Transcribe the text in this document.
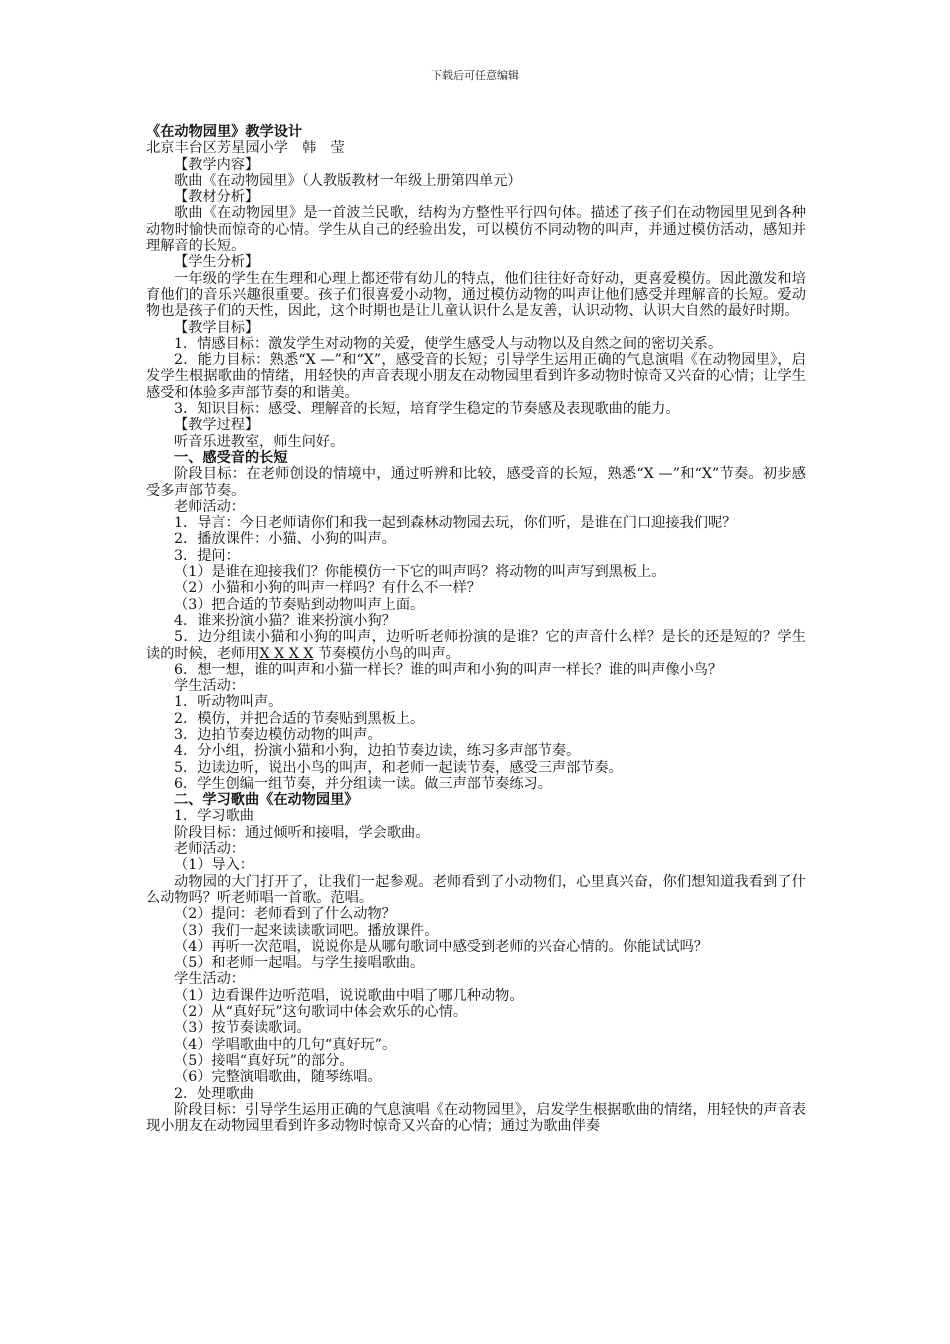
下载后可任意编辑

《在动物园里》教学设计

北京丰台区芳星园小学　韩　莹

【教学内容】

歌曲《在动物园里》（人教版教材一年级上册第四单元）

【教材分析】

歌曲《在动物园里》是一首波兰民歌，结构为方整性平行四句体。描述了孩子们在动物园里见到各种动物时愉快而惊奇的心情。学生从自己的经验出发，可以模仿不同动物的叫声，并通过模仿活动，感知并理解音的长短。

【学生分析】

一年级的学生在生理和心理上都还带有幼儿的特点，他们往往好奇好动，更喜爱模仿。因此激发和培育他们的音乐兴趣很重要。孩子们很喜爱小动物，通过模仿动物的叫声让他们感受并理解音的长短。爱动物也是孩子们的天性，因此，这个时期也是让儿童认识什么是友善，认识动物、认识大自然的最好时期。

【教学目标】

1．情感目标：激发学生对动物的关爱，使学生感受人与动物以及自然之间的密切关系。

2．能力目标：熟悉“X —”和“X”，感受音的长短；引导学生运用正确的气息演唱《在动物园里》，启发学生根据歌曲的情绪，用轻快的声音表现小朋友在动物园里看到许多动物时惊奇又兴奋的心情；让学生感受和体验多声部节奏的和谐美。

3．知识目标：感受、理解音的长短，培育学生稳定的节奏感及表现歌曲的能力。

【教学过程】

听音乐进教室，师生问好。

一、感受音的长短

阶段目标：在老师创设的情境中，通过听辨和比较，感受音的长短，熟悉“X —”和“X”节奏。初步感受多声部节奏。

老师活动：

1．导言：今日老师请你们和我一起到森林动物园去玩，你们听，是谁在门口迎接我们呢？

2．播放课件：小猫、小狗的叫声。

3．提问：

（1）是谁在迎接我们？你能模仿一下它的叫声吗？将动物的叫声写到黑板上。

（2）小猫和小狗的叫声一样吗？有什么不一样？

（3）把合适的节奏贴到动物叫声上面。

4．谁来扮演小猫？谁来扮演小狗？

5．边分组读小猫和小狗的叫声，边听听老师扮演的是谁？它的声音什么样？是长的还是短的？学生读的时候，老师用X X X X 节奏模仿小鸟的叫声。

6．想一想，谁的叫声和小猫一样长？谁的叫声和小狗的叫声一样长？谁的叫声像小鸟？

学生活动：

1．听动物叫声。

2．模仿，并把合适的节奏贴到黑板上。

3．边拍节奏边模仿动物的叫声。

4．分小组，扮演小猫和小狗，边拍节奏边读，练习多声部节奏。

5．边读边听，说出小鸟的叫声，和老师一起读节奏，感受三声部节奏。

6．学生创编一组节奏，并分组读一读。做三声部节奏练习。

二、学习歌曲《在动物园里》

1．学习歌曲

阶段目标：通过倾听和接唱，学会歌曲。

老师活动：

（1）导入：

动物园的大门打开了，让我们一起参观。老师看到了小动物们，心里真兴奋，你们想知道我看到了什么动物吗？听老师唱一首歌。范唱。

（2）提问：老师看到了什么动物？

（3）我们一起来读读歌词吧。播放课件。

（4）再听一次范唱，说说你是从哪句歌词中感受到老师的兴奋心情的。你能试试吗？

（5）和老师一起唱。与学生接唱歌曲。

学生活动：

（1）边看课件边听范唱，说说歌曲中唱了哪几种动物。

（2）从“真好玩”这句歌词中体会欢乐的心情。

（3）按节奏读歌词。

（4）学唱歌曲中的几句“真好玩”。

（5）接唱“真好玩”的部分。

（6）完整演唱歌曲，随琴练唱。

2．处理歌曲

阶段目标：引导学生运用正确的气息演唱《在动物园里》，启发学生根据歌曲的情绪，用轻快的声音表现小朋友在动物园里看到许多动物时惊奇又兴奋的心情；通过为歌曲伴奏
